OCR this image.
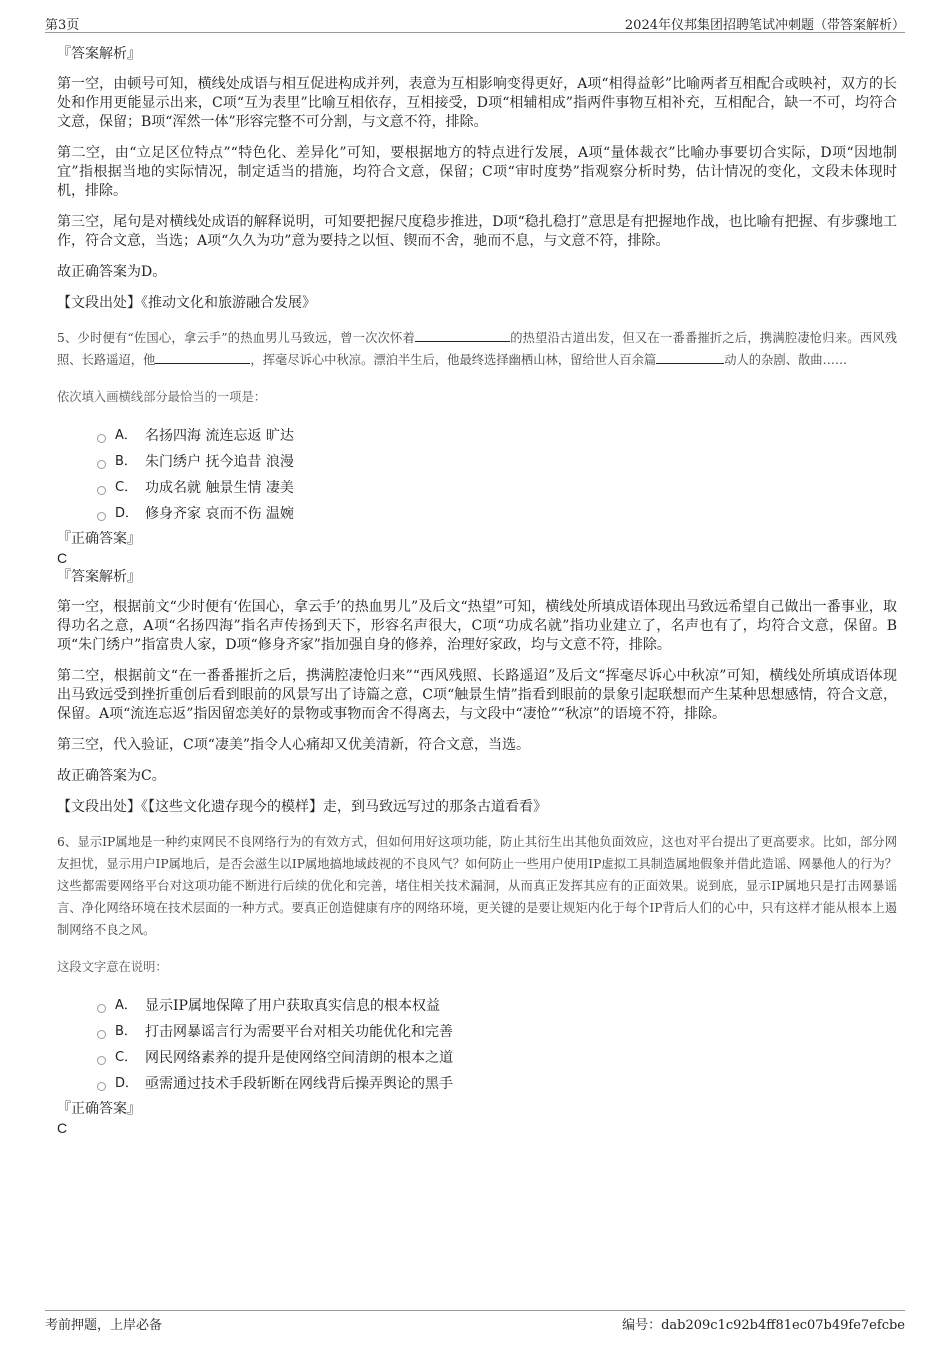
第3页	2024年仪邦集团招聘笔试冲刺题（带答案解析）
『答案解析』

第一空，由顿号可知，横线处成语与相互促进构成并列，表意为互相影响变得更好，A项“相得益彰”比喻两者互相配合或映衬，双方的长处和作用更能显示出来，C项“互为表里”比喻互相依存，互相接受，D项“相辅相成”指两件事物互相补充，互相配合，缺一不可，均符合文意，保留；B项“浑然一体”形容完整不可分割，与文意不符，排除。

第二空，由“立足区位特点”“特色化、差异化”可知，要根据地方的特点进行发展，A项“量体裁衣”比喻办事要切合实际，D项“因地制宜”指根据当地的实际情况，制定适当的措施，均符合文意，保留；C项“审时度势”指观察分析时势，估计情况的变化，文段未体现时机，排除。

第三空，尾句是对横线处成语的解释说明，可知要把握尺度稳步推进，D项“稳扎稳打”意思是有把握地作战，也比喻有把握、有步骤地工作，符合文意，当选；A项“久久为功”意为要持之以恒、锲而不舍，驰而不息，与文意不符，排除。

故正确答案为D。

【文段出处】《推动文化和旅游融合发展》

5、少时便有“佐国心，拿云手”的热血男儿马致远，曾一次次怀着	的热望沿古道出发，但又在一番番摧折之后，携满腔凄怆归来。西风残照、长路遥迢，他	，挥毫尽诉心中秋凉。漂泊半生后，他最终选择幽栖山林，留给世人百余篇	动人的杂剧、散曲……
依次填入画横线部分最恰当的一项是：
A． 名扬四海 流连忘返 旷达
B． 朱门绣户 抚今追昔 浪漫
C． 功成名就 触景生情 凄美
D． 修身齐家 哀而不伤 温婉
『正确答案』
C
『答案解析』

第一空，根据前文“少时便有‘佐国心，拿云手’的热血男儿”及后文“热望”可知，横线处所填成语体现出马致远希望自己做出一番事业，取得功名之意，A项“名扬四海”指名声传扬到天下，形容名声很大，C项“功成名就”指功业建立了，名声也有了，均符合文意，保留。B项“朱门绣户”指富贵人家，D项“修身齐家”指加强自身的修养，治理好家政，均与文意不符，排除。

第二空，根据前文“在一番番摧折之后，携满腔凄怆归来”“西风残照、长路遥迢”及后文“挥毫尽诉心中秋凉”可知，横线处所填成语体现出马致远受到挫折重创后看到眼前的风景写出了诗篇之意，C项“触景生情”指看到眼前的景象引起联想而产生某种思想感情，符合文意，保留。A项“流连忘返”指因留恋美好的景物或事物而舍不得离去，与文段中“凄怆”“秋凉”的语境不符，排除。

第三空，代入验证，C项“凄美”指令人心痛却又优美清新，符合文意，当选。

故正确答案为C。

【文段出处】《【这些文化遗存现今的模样】走，到马致远写过的那条古道看看》

6、显示IP属地是一种约束网民不良网络行为的有效方式，但如何用好这项功能，防止其衍生出其他负面效应，这也对平台提出了更高要求。比如，部分网友担忧，显示用户IP属地后，是否会滋生以IP属地搞地域歧视的不良风气？如何防止一些用户使用IP虚拟工具制造属地假象并借此造谣、网暴他人的行为？这些都需要网络平台对这项功能不断进行后续的优化和完善，堵住相关技术漏洞，从而真正发挥其应有的正面效果。说到底，显示IP属地只是打击网暴谣言、净化网络环境在技术层面的一种方式。要真正创造健康有序的网络环境，更关键的是要让规矩内化于每个IP背后人们的心中，只有这样才能从根本上遏制网络不良之风。
这段文字意在说明：
A． 显示IP属地保障了用户获取真实信息的根本权益
B． 打击网暴谣言行为需要平台对相关功能优化和完善
C． 网民网络素养的提升是使网络空间清朗的根本之道
D． 亟需通过技术手段斩断在网线背后操弄舆论的黑手
『正确答案』
C
考前押题，上岸必备	编号：dab209c1c92b4ff81ec07b49fe7efcbe
